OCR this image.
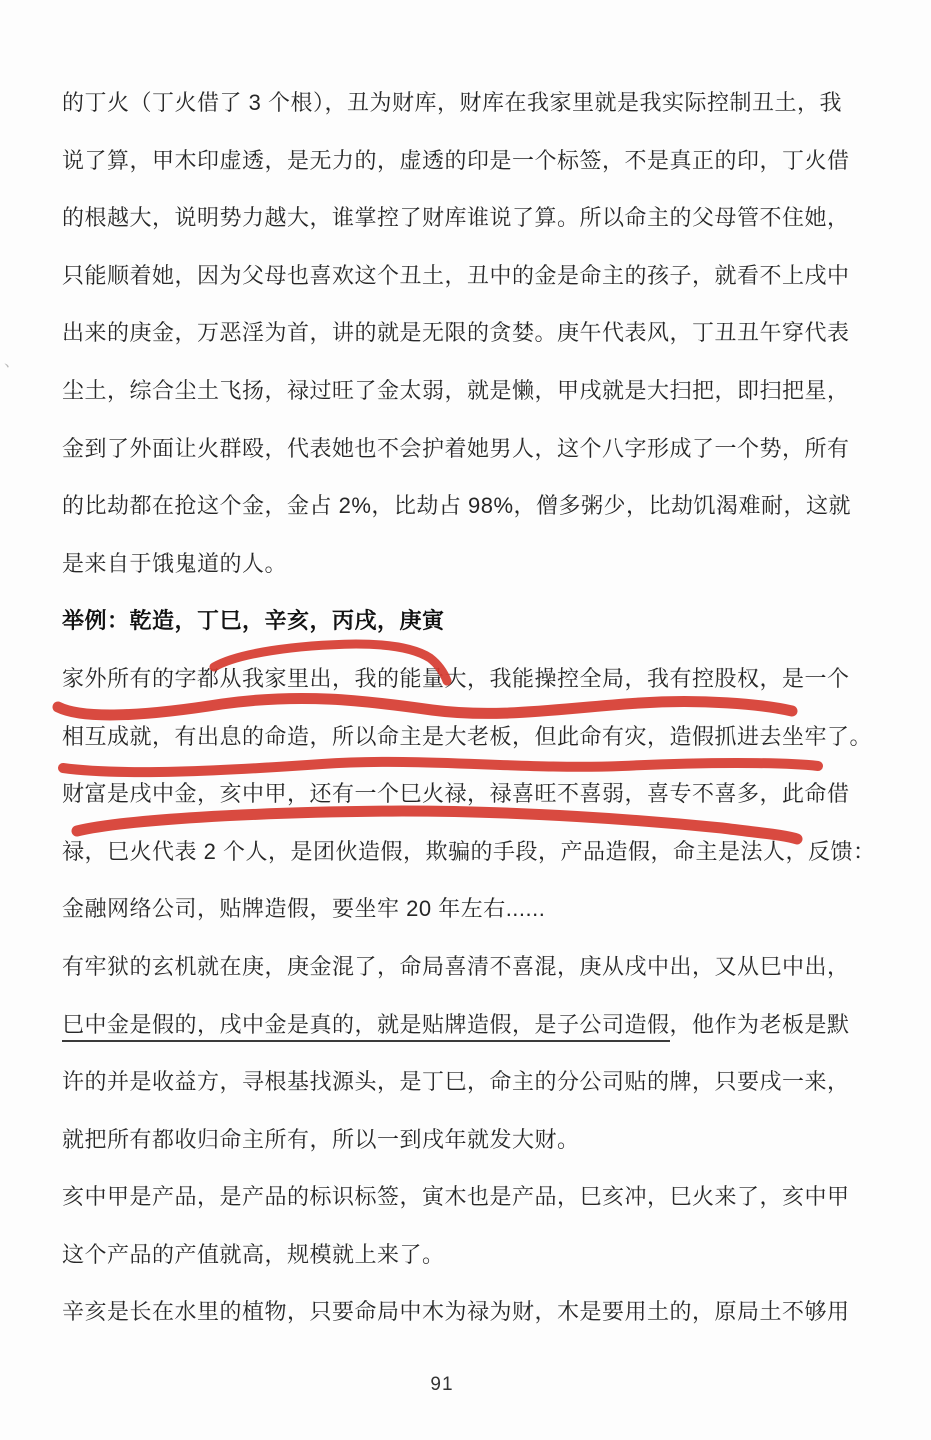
的丁火（丁火借了 3 个根），丑为财库，财库在我家里就是我实际控制丑土，我
说了算，甲木印虚透，是无力的，虚透的印是一个标签，不是真正的印，丁火借
的根越大，说明势力越大，谁掌控了财库谁说了算。所以命主的父母管不住她，
只能顺着她，因为父母也喜欢这个丑土，丑中的金是命主的孩子，就看不上戌中
出来的庚金，万恶淫为首，讲的就是无限的贪婪。庚午代表风，丁丑丑午穿代表
尘土，综合尘土飞扬，禄过旺了金太弱，就是懒，甲戌就是大扫把，即扫把星，
金到了外面让火群殴，代表她也不会护着她男人，这个八字形成了一个势，所有
的比劫都在抢这个金，金占 2%，比劫占 98%，僧多粥少，比劫饥渴难耐，这就
是来自于饿鬼道的人。
举例：乾造，丁巳，辛亥，丙戌，庚寅
家外所有的字都从我家里出，我的能量大，我能操控全局，我有控股权，是一个
相互成就，有出息的命造，所以命主是大老板，但此命有灾，造假抓进去坐牢了。
财富是戌中金，亥中甲，还有一个巳火禄，禄喜旺不喜弱，喜专不喜多，此命借
禄，巳火代表 2 个人，是团伙造假，欺骗的手段，产品造假，命主是法人，反馈：
金融网络公司，贴牌造假，要坐牢 20 年左右......
有牢狱的玄机就在庚，庚金混了，命局喜清不喜混，庚从戌中出，又从巳中出，
巳中金是假的，戌中金是真的，就是贴牌造假，是子公司造假，他作为老板是默
许的并是收益方，寻根基找源头，是丁巳，命主的分公司贴的牌，只要戌一来，
就把所有都收归命主所有，所以一到戌年就发大财。
亥中甲是产品，是产品的标识标签，寅木也是产品，巳亥冲，巳火来了，亥中甲
这个产品的产值就高，规模就上来了。
辛亥是长在水里的植物，只要命局中木为禄为财，木是要用土的，原局土不够用
、
91
